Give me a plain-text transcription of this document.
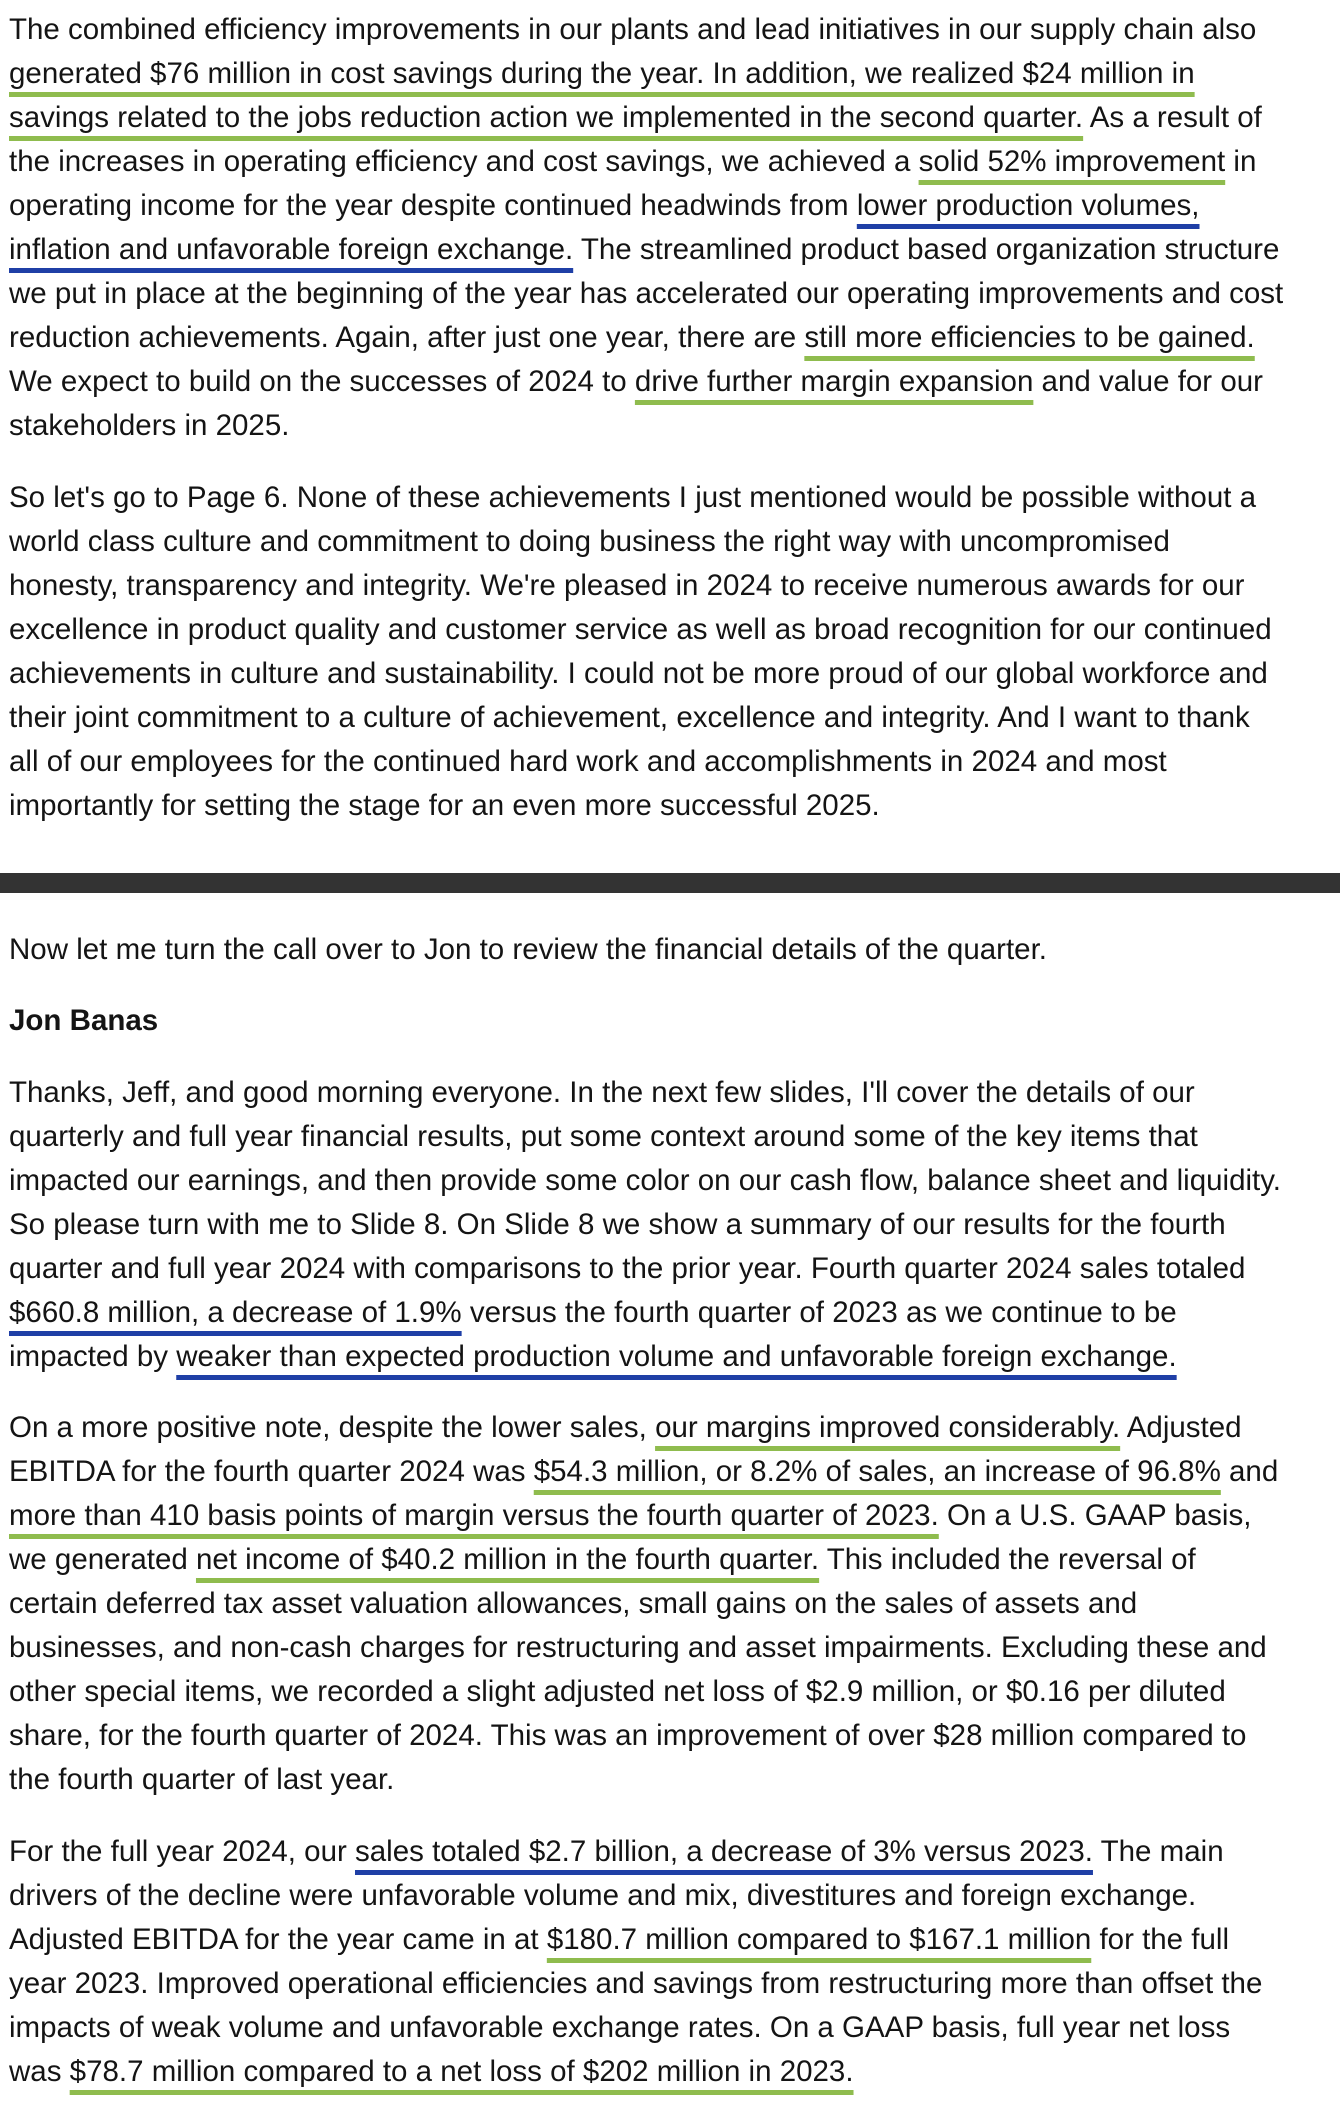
The combined efficiency improvements in our plants and lead initiatives in our supply chain also
generated $76 million in cost savings during the year. In addition, we realized $24 million in
savings related to the jobs reduction action we implemented in the second quarter. As a result of
the increases in operating efficiency and cost savings, we achieved a solid 52% improvement in
operating income for the year despite continued headwinds from lower production volumes,
inflation and unfavorable foreign exchange. The streamlined product based organization structure
we put in place at the beginning of the year has accelerated our operating improvements and cost
reduction achievements. Again, after just one year, there are still more efficiencies to be gained.
We expect to build on the successes of 2024 to drive further margin expansion and value for our
stakeholders in 2025.

So let's go to Page 6. None of these achievements I just mentioned would be possible without a
world class culture and commitment to doing business the right way with uncompromised
honesty, transparency and integrity. We're pleased in 2024 to receive numerous awards for our
excellence in product quality and customer service as well as broad recognition for our continued
achievements in culture and sustainability. I could not be more proud of our global workforce and
their joint commitment to a culture of achievement, excellence and integrity. And I want to thank
all of our employees for the continued hard work and accomplishments in 2024 and most
importantly for setting the stage for an even more successful 2025.

Now let me turn the call over to Jon to review the financial details of the quarter.

Jon Banas

Thanks, Jeff, and good morning everyone. In the next few slides, I'll cover the details of our
quarterly and full year financial results, put some context around some of the key items that
impacted our earnings, and then provide some color on our cash flow, balance sheet and liquidity.
So please turn with me to Slide 8. On Slide 8 we show a summary of our results for the fourth
quarter and full year 2024 with comparisons to the prior year. Fourth quarter 2024 sales totaled
$660.8 million, a decrease of 1.9% versus the fourth quarter of 2023 as we continue to be
impacted by weaker than expected production volume and unfavorable foreign exchange.

On a more positive note, despite the lower sales, our margins improved considerably. Adjusted
EBITDA for the fourth quarter 2024 was $54.3 million, or 8.2% of sales, an increase of 96.8% and
more than 410 basis points of margin versus the fourth quarter of 2023. On a U.S. GAAP basis,
we generated net income of $40.2 million in the fourth quarter. This included the reversal of
certain deferred tax asset valuation allowances, small gains on the sales of assets and
businesses, and non-cash charges for restructuring and asset impairments. Excluding these and
other special items, we recorded a slight adjusted net loss of $2.9 million, or $0.16 per diluted
share, for the fourth quarter of 2024. This was an improvement of over $28 million compared to
the fourth quarter of last year.

For the full year 2024, our sales totaled $2.7 billion, a decrease of 3% versus 2023. The main
drivers of the decline were unfavorable volume and mix, divestitures and foreign exchange.
Adjusted EBITDA for the year came in at $180.7 million compared to $167.1 million for the full
year 2023. Improved operational efficiencies and savings from restructuring more than offset the
impacts of weak volume and unfavorable exchange rates. On a GAAP basis, full year net loss
was $78.7 million compared to a net loss of $202 million in 2023.
